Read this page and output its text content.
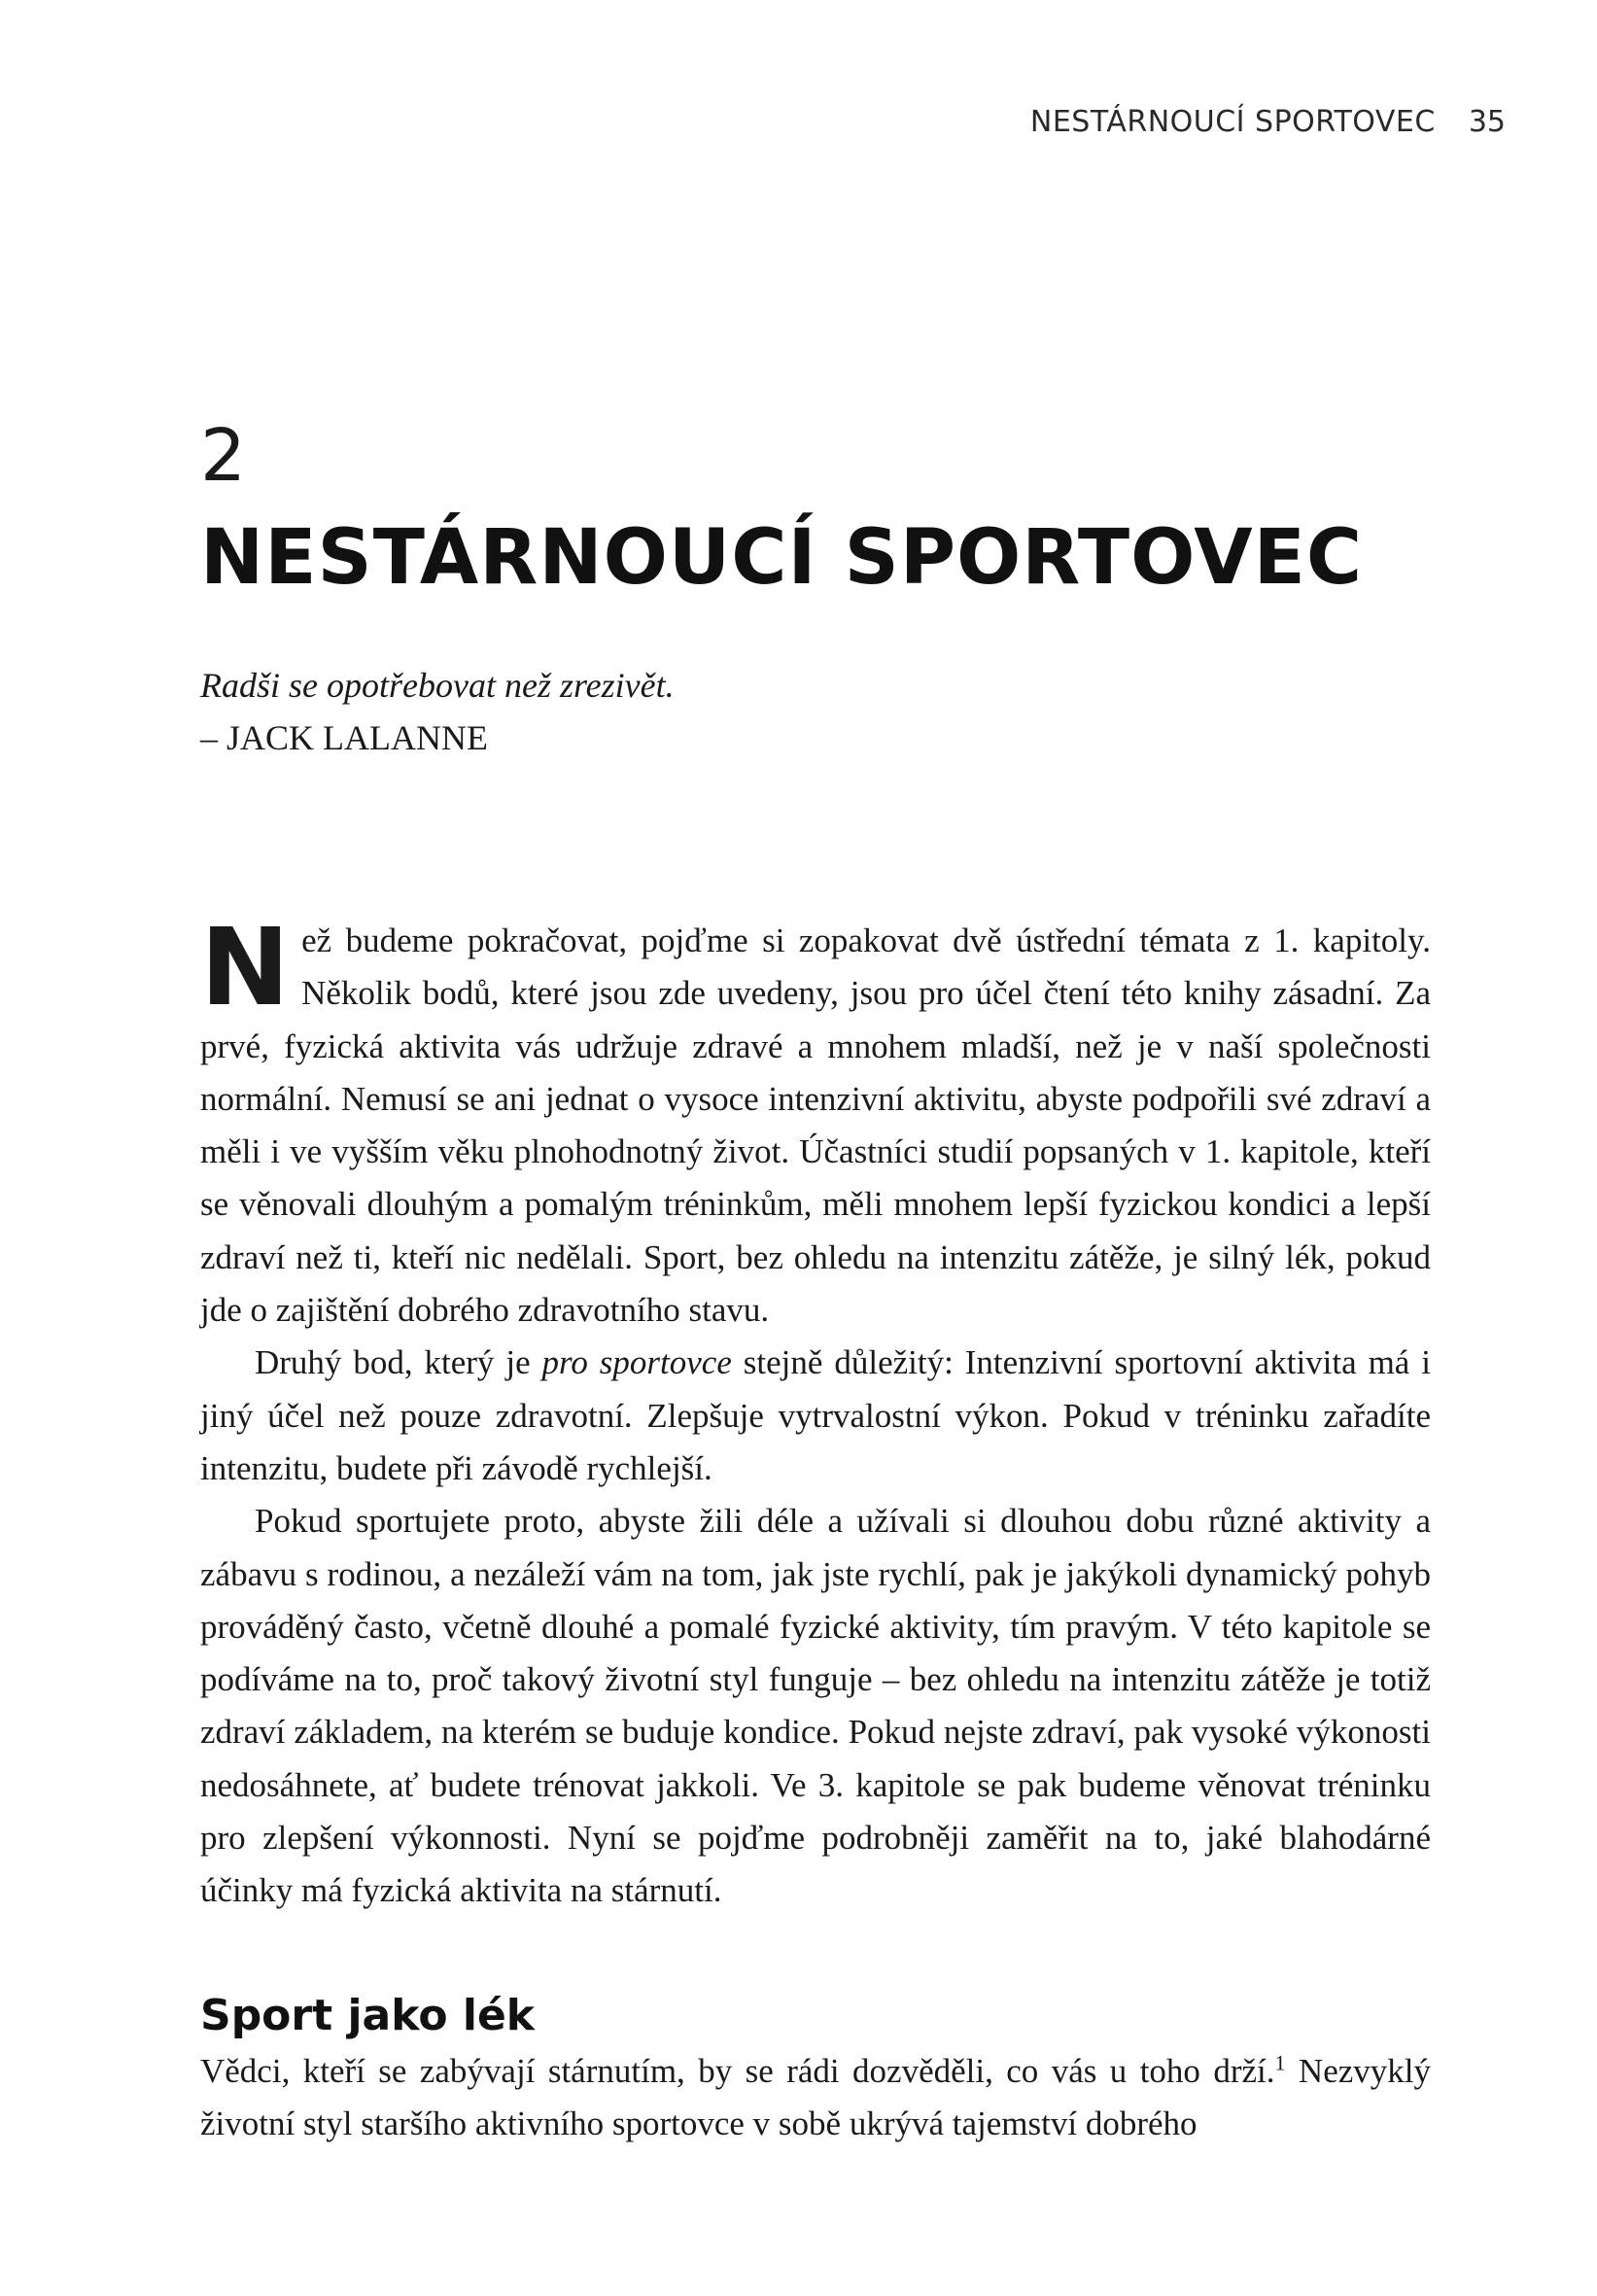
NESTÁRNOUCÍ SPORTOVEC 35
2
NESTÁRNOUCÍ SPORTOVEC
Radši se opotřebovat než zrezivět.
– JACK LALANNE

Než budeme pokračovat, pojďme si zopakovat dvě ústřední témata z 1. kapitoly. Několik bodů, které jsou zde uvedeny, jsou pro účel čtení této knihy zásadní. Za prvé, fyzická aktivita vás udržuje zdravé a mnohem mladší, než je v naší společnosti normální. Nemusí se ani jednat o vysoce intenzivní aktivitu, abyste podpořili své zdraví a měli i ve vyšším věku plnohodnotný život. Účastníci studií popsaných v 1. kapitole, kteří se věnovali dlouhým a pomalým tréninkům, měli mnohem lepší fyzickou kondici a lepší zdraví než ti, kteří nic nedělali. Sport, bez ohledu na intenzitu zátěže, je silný lék, pokud jde o zajištění dobrého zdravotního stavu.

Druhý bod, který je pro sportovce stejně důležitý: Intenzivní sportovní aktivita má i jiný účel než pouze zdravotní. Zlepšuje vytrvalostní výkon. Pokud v tréninku zařadíte intenzitu, budete při závodě rychlejší.

Pokud sportujete proto, abyste žili déle a užívali si dlouhou dobu různé aktivity a zábavu s rodinou, a nezáleží vám na tom, jak jste rychlí, pak je jakýkoli dynamický pohyb prováděný často, včetně dlouhé a pomalé fyzické aktivity, tím pravým. V této kapitole se podíváme na to, proč takový životní styl funguje – bez ohledu na intenzitu zátěže je totiž zdraví základem, na kterém se buduje kondice. Pokud nejste zdraví, pak vysoké výkonosti nedosáhnete, ať budete trénovat jakkoli. Ve 3. kapitole se pak budeme věnovat tréninku pro zlepšení výkonnosti. Nyní se pojďme podrobněji zaměřit na to, jaké blahodárné účinky má fyzická aktivita na stárnutí.

Sport jako lék

Vědci, kteří se zabývají stárnutím, by se rádi dozvěděli, co vás u toho drží.$^1$ Nezvyklý životní styl staršího aktivního sportovce v sobě ukrývá tajemství dobrého
